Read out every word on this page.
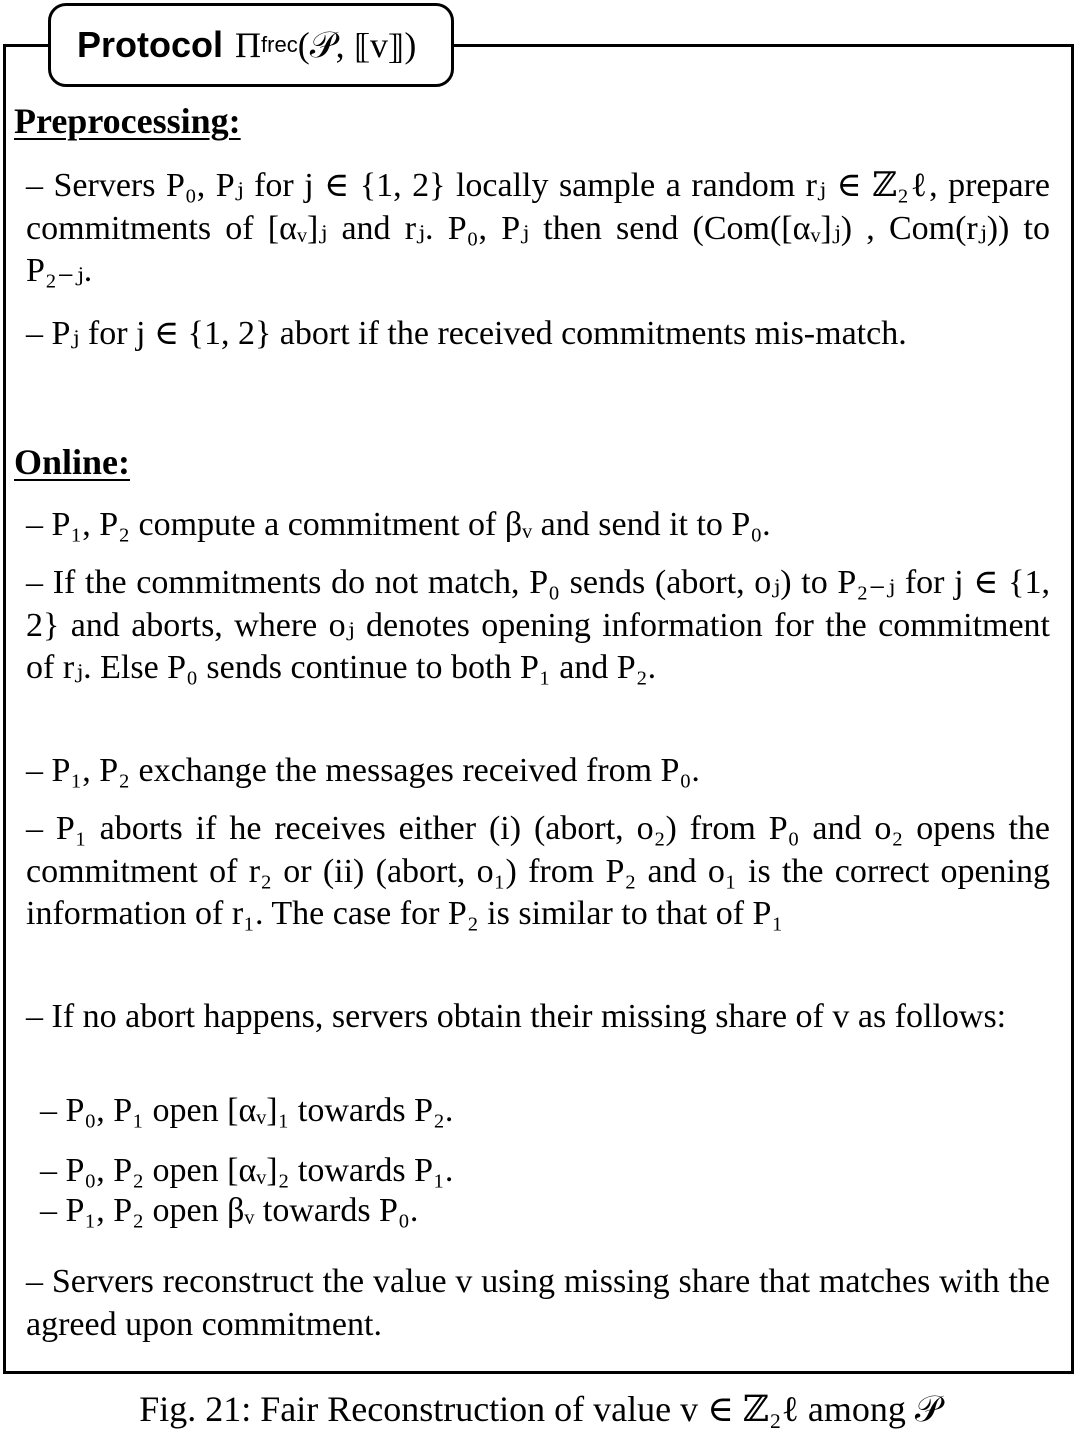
Protocol Π frec (𝒫, ⟦v⟧)
Preprocessing:
– Servers P₀, Pⱼ for j ∈ {1, 2} locally sample a random rⱼ ∈ ℤ₂ℓ, prepare commitments of [αᵥ]ⱼ and rⱼ. P₀, Pⱼ then send (Com([αᵥ]ⱼ) , Com(rⱼ)) to P₂₋ⱼ.
– Pⱼ for j ∈ {1, 2} abort if the received commitments mis-match.
Online:
– P₁, P₂ compute a commitment of βᵥ and send it to P₀.
– If the commitments do not match, P₀ sends (abort, oⱼ) to P₂₋ⱼ for j ∈ {1, 2} and aborts, where oⱼ denotes opening information for the commitment of rⱼ. Else P₀ sends continue to both P₁ and P₂.
– P₁, P₂ exchange the messages received from P₀.
– P₁ aborts if he receives either (i) (abort, o₂) from P₀ and o₂ opens the commitment of r₂ or (ii) (abort, o₁) from P₂ and o₁ is the correct opening information of r₁. The case for P₂ is similar to that of P₁
– If no abort happens, servers obtain their missing share of v as follows:
– P₀, P₁ open [αᵥ]₁ towards P₂.
– P₀, P₂ open [αᵥ]₂ towards P₁.
– P₁, P₂ open βᵥ towards P₀.
– Servers reconstruct the value v using missing share that matches with the agreed upon commitment.
Fig. 21: Fair Reconstruction of value v ∈ ℤ₂ℓ among 𝒫
